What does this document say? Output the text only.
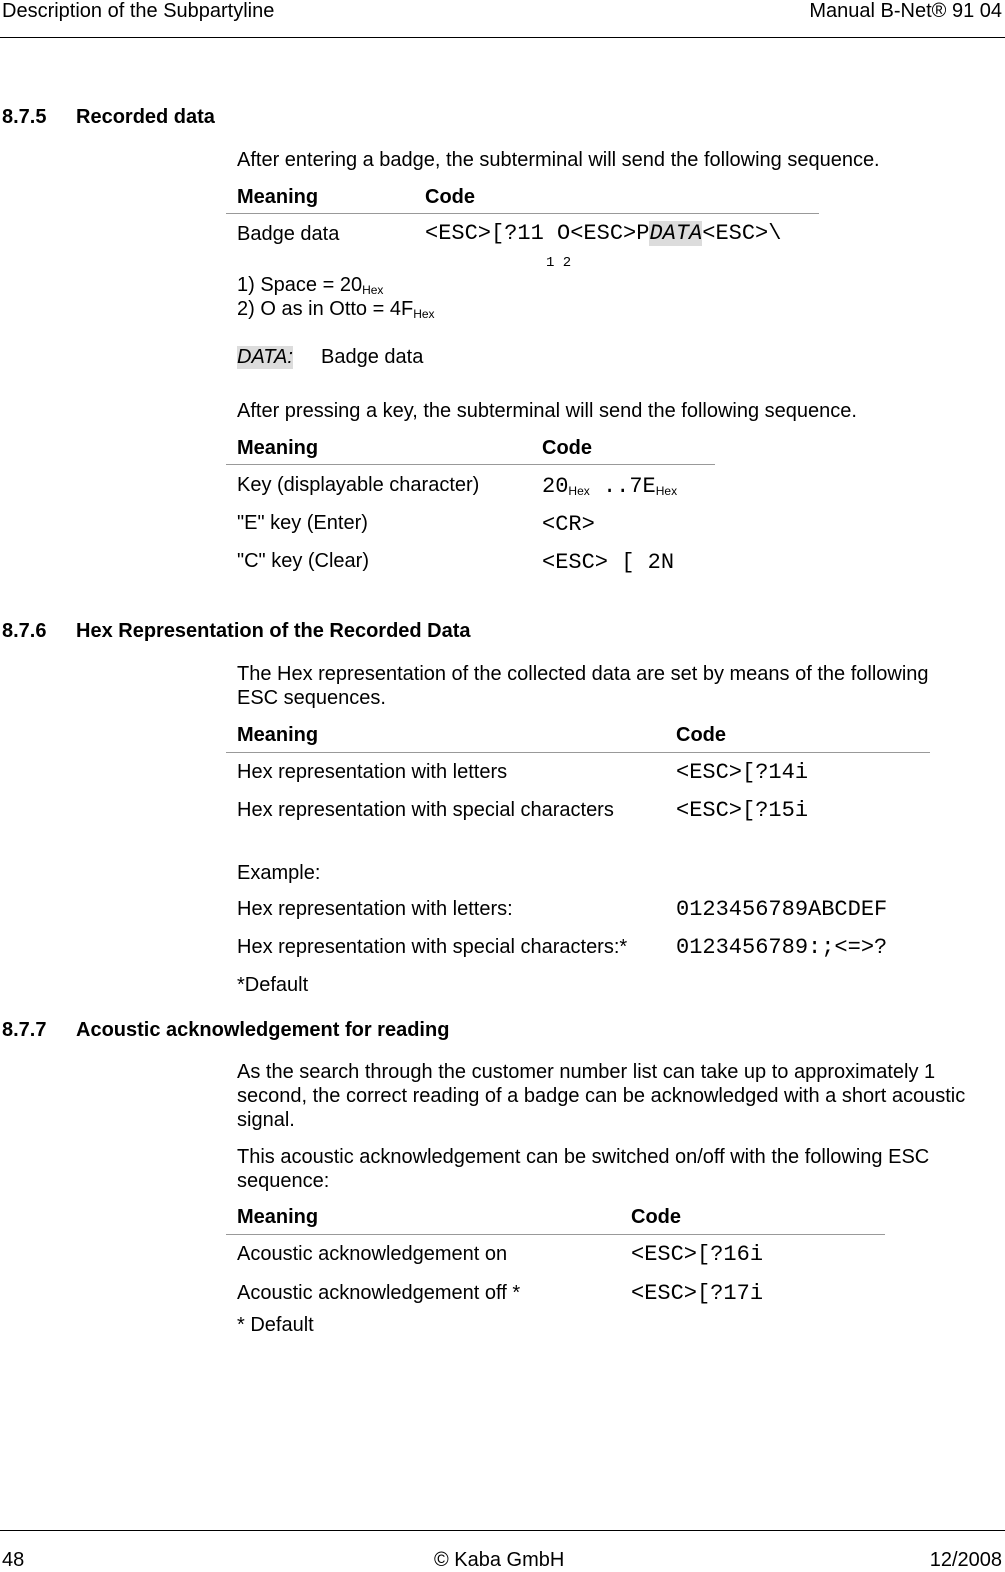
Description of the Subpartyline	Manual B-Net® 91 04
8.7.5 Recorded data
After entering a badge, the subterminal will send the following sequence.
Meaning	Code
Badge data	<ESC>[?11 O<ESC>PDATA<ESC>\
1 2
1) Space = $20_{Hex}$
2) O as in Otto = $4F_{Hex}$
DATA: Badge data
After pressing a key, the subterminal will send the following sequence.
Meaning	Code
Key (displayable character)	20Hex ..7EHex
"E" key (Enter)	<CR>
"C" key (Clear)	<ESC> [ 2N
8.7.6 Hex Representation of the Recorded Data
The Hex representation of the collected data are set by means of the following
ESC sequences.
Meaning	Code
Hex representation with letters	<ESC>[?14i
Hex representation with special characters	<ESC>[?15i
Example:
Hex representation with letters:	0123456789ABCDEF
Hex representation with special characters:* 0123456789:;<=>?
*Default
8.7.7 Acoustic acknowledgement for reading
As the search through the customer number list can take up to approximately 1
second, the correct reading of a badge can be acknowledged with a short acoustic
signal.
This acoustic acknowledgement can be switched on/off with the following ESC
sequence:
Meaning	Code
Acoustic acknowledgement on	<ESC>[?16i
Acoustic acknowledgement off *	<ESC>[?17i
* Default
48	© Kaba GmbH	12/2008
